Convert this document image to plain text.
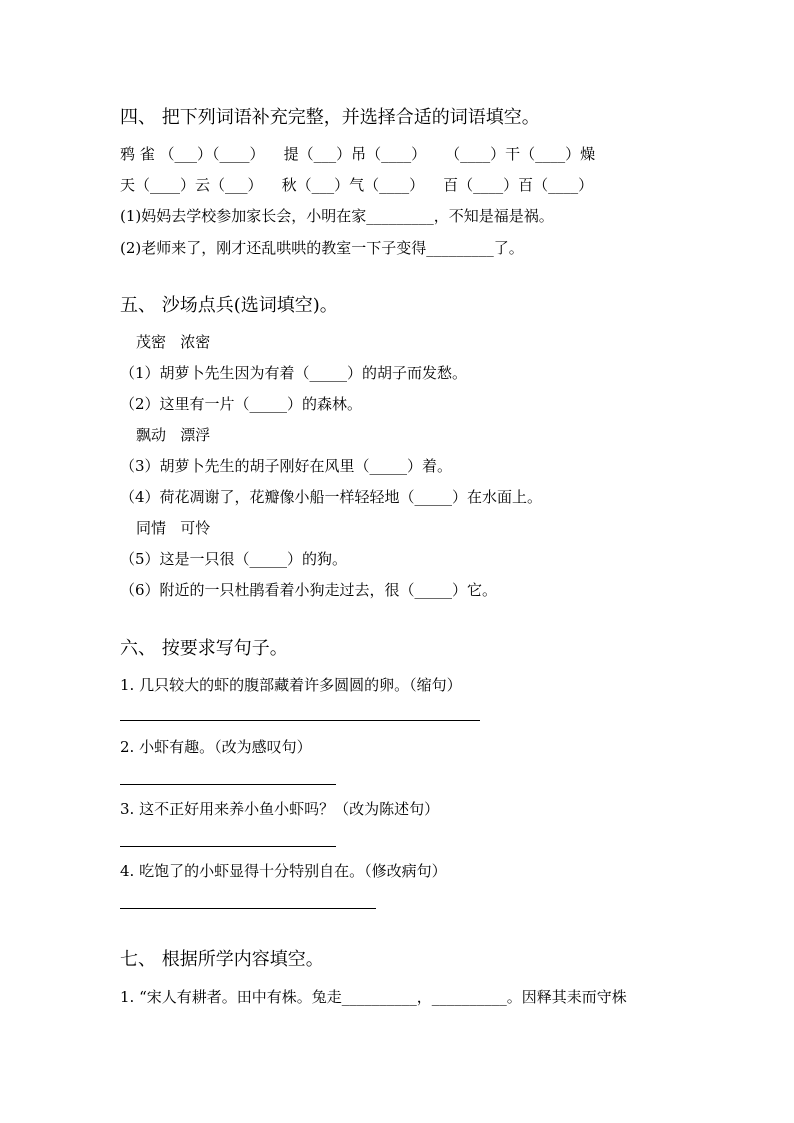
四、 把下列词语补充完整，并选择合适的词语填空。
鸦 雀 （___）（____）    提（___）吊（____）    （____）干（____）燥
天（____）云（___）    秋（___）气（____）    百（____）百（____）
(1)妈妈去学校参加家长会，小明在家_________，不知是福是祸。
(2)老师来了，刚才还乱哄哄的教室一下子变得_________了。
五、 沙场点兵(选词填空)。
茂密   浓密
（1）胡萝卜先生因为有着（_____）的胡子而发愁。
（2）这里有一片（_____）的森林。
飘动   漂浮
（3）胡萝卜先生的胡子刚好在风里（_____）着。
（4）荷花凋谢了，花瓣像小船一样轻轻地（_____）在水面上。
同情   可怜
（5）这是一只很（_____）的狗。
（6）附近的一只杜鹃看着小狗走过去，很（_____）它。
六、 按要求写句子。
1. 几只较大的虾的腹部藏着许多圆圆的卵。（缩句）
2. 小虾有趣。（改为感叹句）
3. 这不正好用来养小鱼小虾吗？（改为陈述句）
4. 吃饱了的小虾显得十分特别自在。（修改病句）
七、 根据所学内容填空。
1. “宋人有耕者。田中有株。兔走__________，__________。因释其耒而守株
